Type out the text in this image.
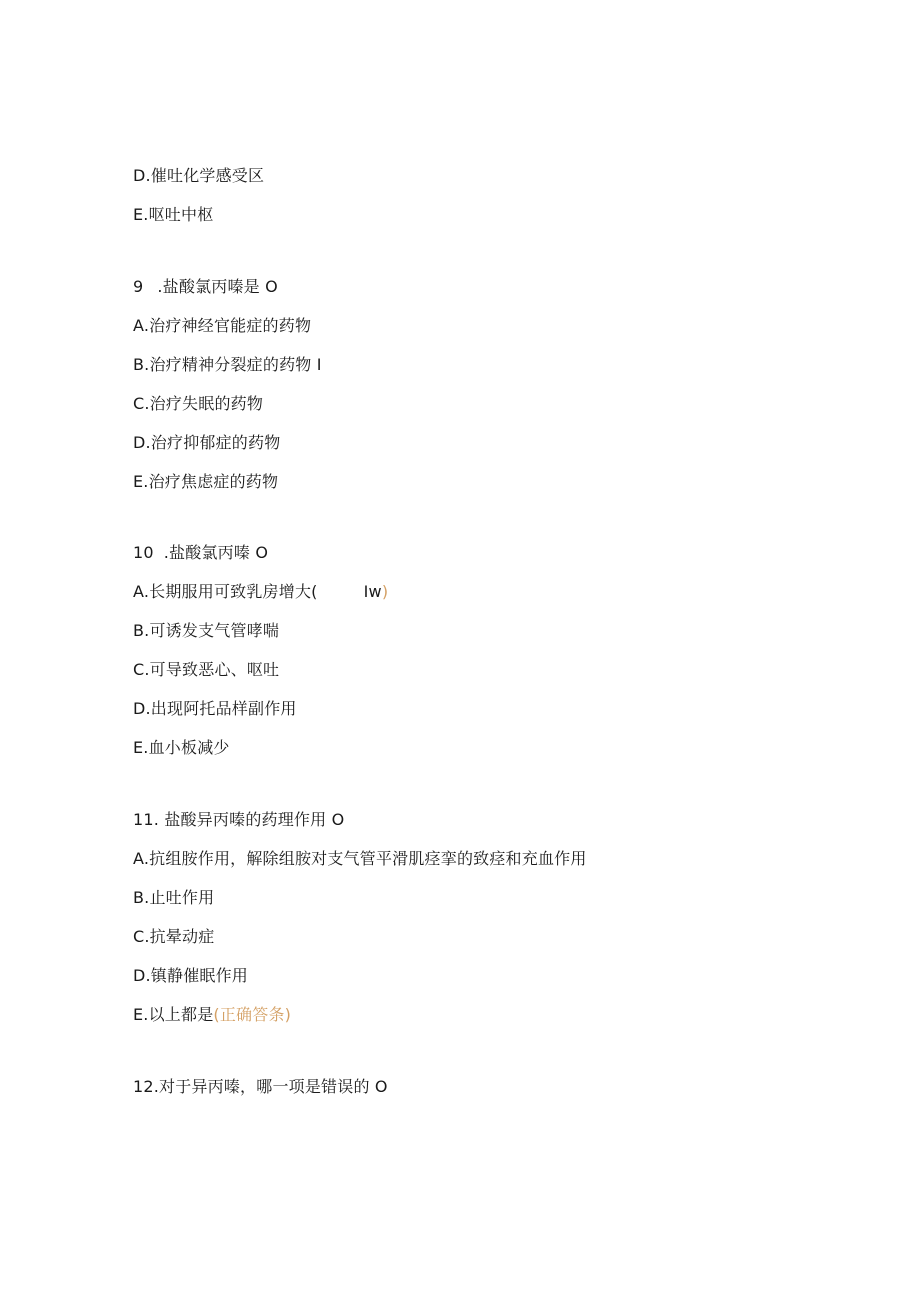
D.催吐化学感受区
E.呕吐中枢
9 .盐酸氯丙嗪是 O
A.治疗神经官能症的药物
B.治疗精神分裂症的药物 I
C.治疗失眠的药物
D.治疗抑郁症的药物
E.治疗焦虑症的药物
10 .盐酸氯丙嗪 O
A.长期服用可致乳房增大(	Iw)
B.可诱发支气管哮喘
C.可导致恶心、呕吐
D.出现阿托品样副作用
E.血小板减少
11. 盐酸异丙嗪的药理作用 O
A.抗组胺作用，解除组胺对支气管平滑肌痉挛的致痉和充血作用
B.止吐作用
C.抗晕动症
D.镇静催眠作用
E.以上都是(正确答条)
12.对于异丙嗪，哪一项是错误的 O
